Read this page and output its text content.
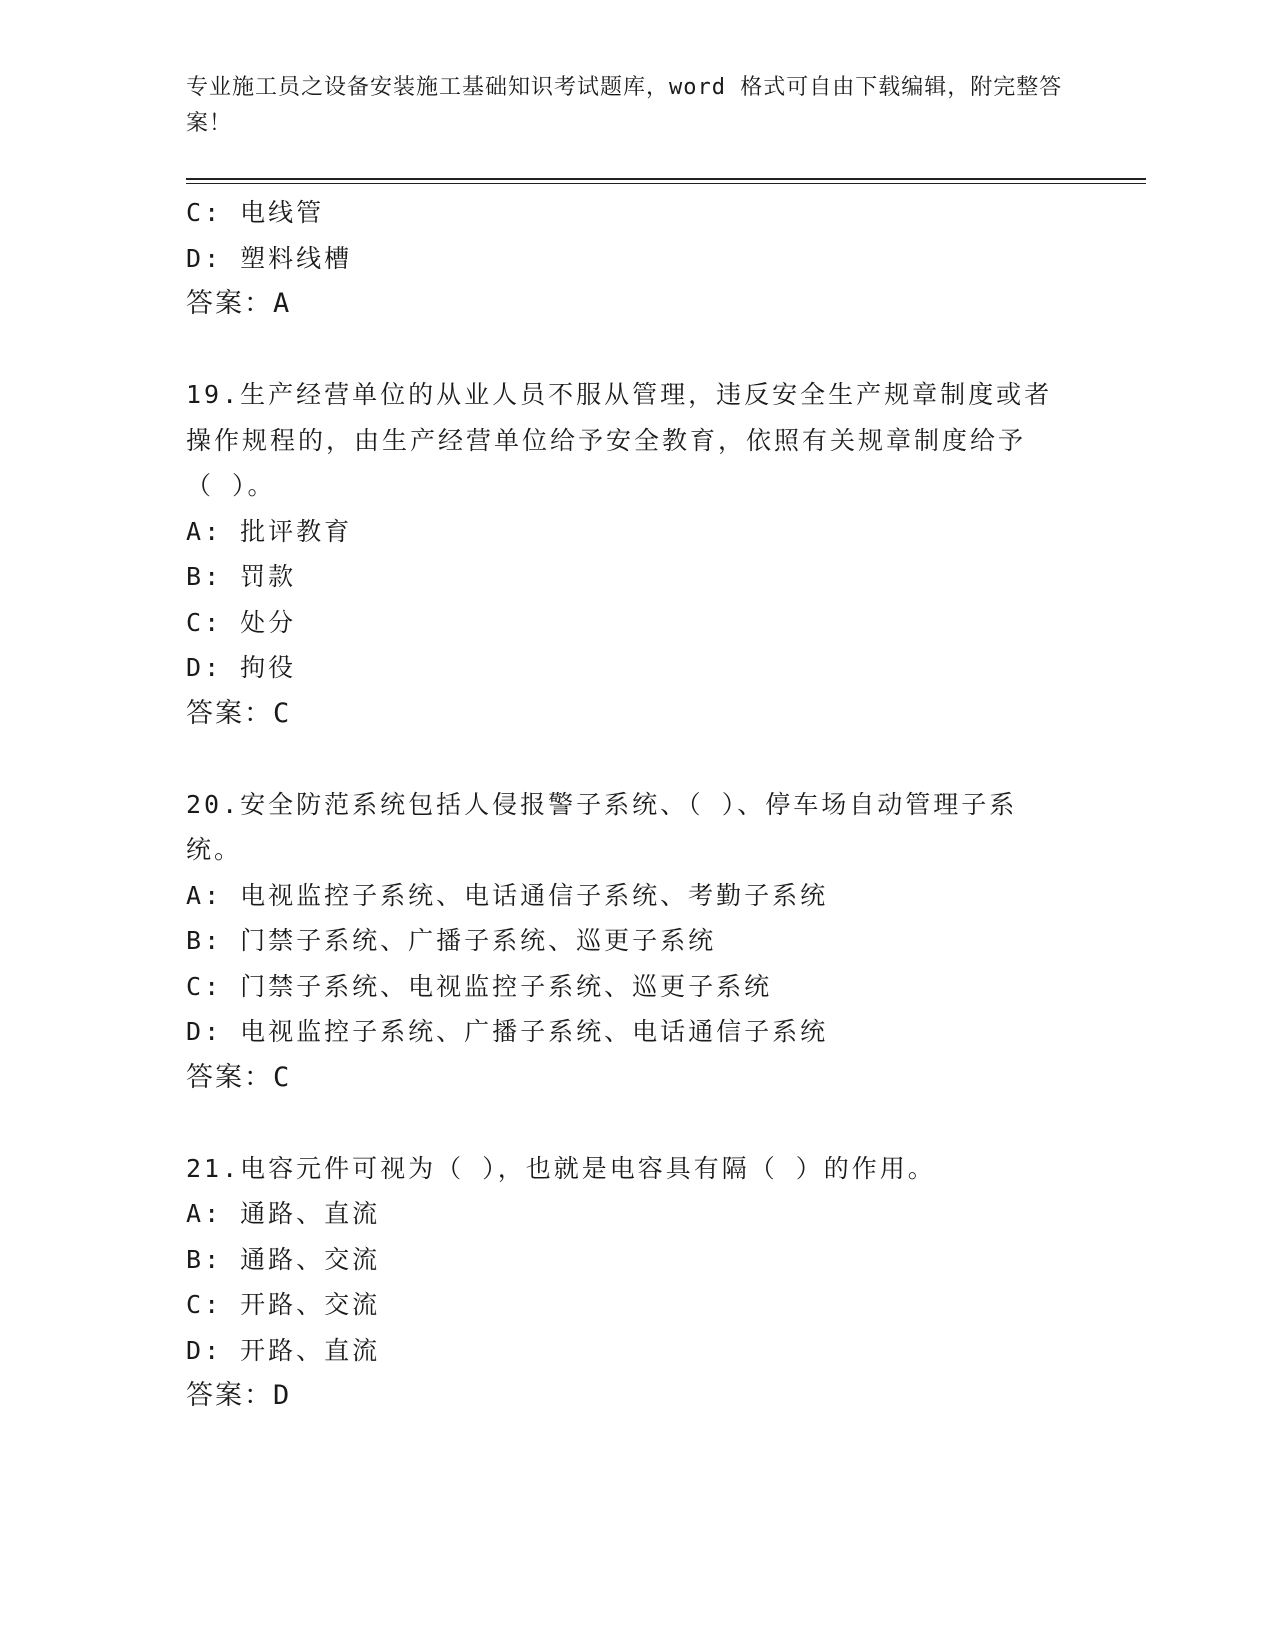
专业施工员之设备安装施工基础知识考试题库，word 格式可自由下载编辑，附完整答案！
C: 电线管
D: 塑料线槽
答案：A
19.生产经营单位的从业人员不服从管理，违反安全生产规章制度或者
操作规程的，由生产经营单位给予安全教育，依照有关规章制度给予
（ ）。
A: 批评教育
B: 罚款
C: 处分
D: 拘役
答案：C
20.安全防范系统包括人侵报警子系统、（ ）、停车场自动管理子系
统。
A: 电视监控子系统、电话通信子系统、考勤子系统
B: 门禁子系统、广播子系统、巡更子系统
C: 门禁子系统、电视监控子系统、巡更子系统
D: 电视监控子系统、广播子系统、电话通信子系统
答案：C
21.电容元件可视为（ ），也就是电容具有隔（ ）的作用。
A: 通路、直流
B: 通路、交流
C: 开路、交流
D: 开路、直流
答案：D
